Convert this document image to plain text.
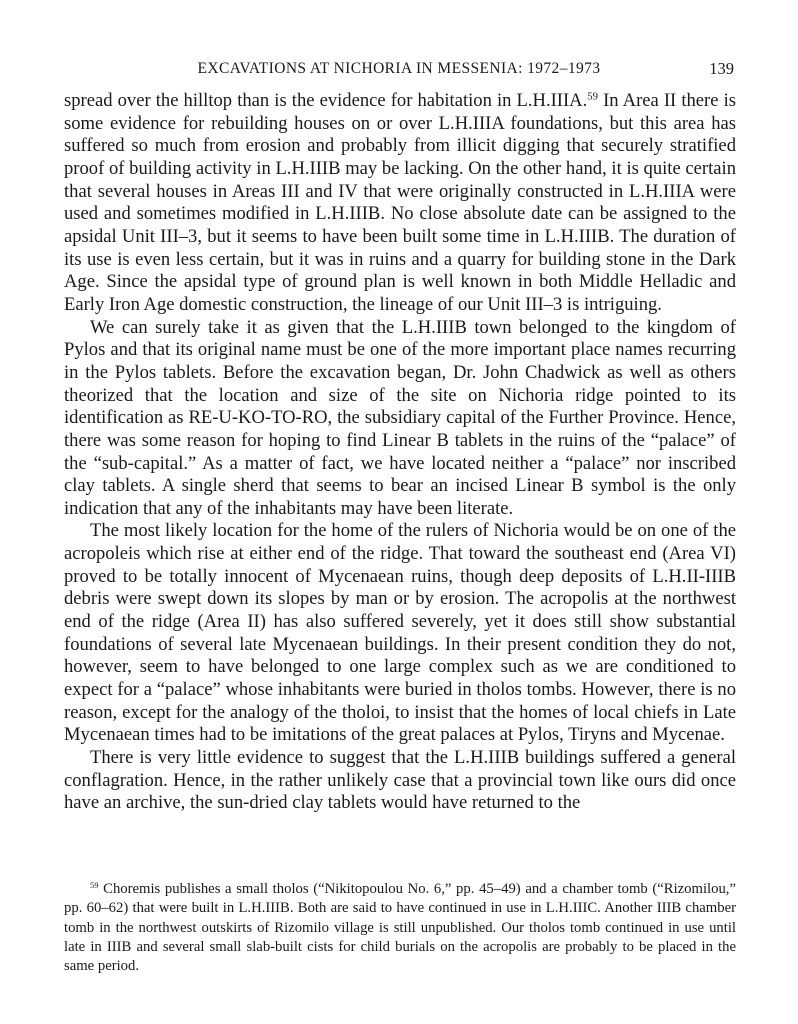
EXCAVATIONS AT NICHORIA IN MESSENIA: 1972–1973	139

spread over the hilltop than is the evidence for habitation in L.H.IIIA.$^{59}$ In Area II there is some evidence for rebuilding houses on or over L.H.IIIA foundations, but this area has suffered so much from erosion and probably from illicit digging that securely stratified proof of building activity in L.H.IIIB may be lacking. On the other hand, it is quite certain that several houses in Areas III and IV that were originally constructed in L.H.IIIA were used and sometimes modified in L.H.IIIB. No close absolute date can be assigned to the apsidal Unit III–3, but it seems to have been built some time in L.H.IIIB. The duration of its use is even less certain, but it was in ruins and a quarry for building stone in the Dark Age. Since the apsidal type of ground plan is well known in both Middle Helladic and Early Iron Age domestic construction, the lineage of our Unit III–3 is intriguing.

We can surely take it as given that the L.H.IIIB town belonged to the kingdom of Pylos and that its original name must be one of the more important place names recurring in the Pylos tablets. Before the excavation began, Dr. John Chadwick as well as others theorized that the location and size of the site on Nichoria ridge pointed to its identification as RE-U-KO-TO-RO, the subsidiary capital of the Further Province. Hence, there was some reason for hoping to find Linear B tablets in the ruins of the “palace” of the “sub-capital.” As a matter of fact, we have located neither a “palace” nor inscribed clay tablets. A single sherd that seems to bear an incised Linear B symbol is the only indication that any of the inhabitants may have been literate.

The most likely location for the home of the rulers of Nichoria would be on one of the acropoleis which rise at either end of the ridge. That toward the southeast end (Area VI) proved to be totally innocent of Mycenaean ruins, though deep deposits of L.H.II-IIIB debris were swept down its slopes by man or by erosion. The acropolis at the northwest end of the ridge (Area II) has also suffered severely, yet it does still show substantial foundations of several late Mycenaean buildings. In their present condition they do not, however, seem to have belonged to one large complex such as we are conditioned to expect for a “palace” whose inhabitants were buried in tholos tombs. However, there is no reason, except for the analogy of the tholoi, to insist that the homes of local chiefs in Late Mycenaean times had to be imitations of the great palaces at Pylos, Tiryns and Mycenae.

There is very little evidence to suggest that the L.H.IIIB buildings suffered a general conflagration. Hence, in the rather unlikely case that a provincial town like ours did once have an archive, the sun-dried clay tablets would have returned to the

$^{59}$ Choremis publishes a small tholos (“Nikitopoulou No. 6,” pp. 45–49) and a chamber tomb (“Rizomilou,” pp. 60–62) that were built in L.H.IIIB. Both are said to have continued in use in L.H.IIIC. Another IIIB chamber tomb in the northwest outskirts of Rizomilo village is still unpublished. Our tholos tomb continued in use until late in IIIB and several small slab-built cists for child burials on the acropolis are probably to be placed in the same period.
